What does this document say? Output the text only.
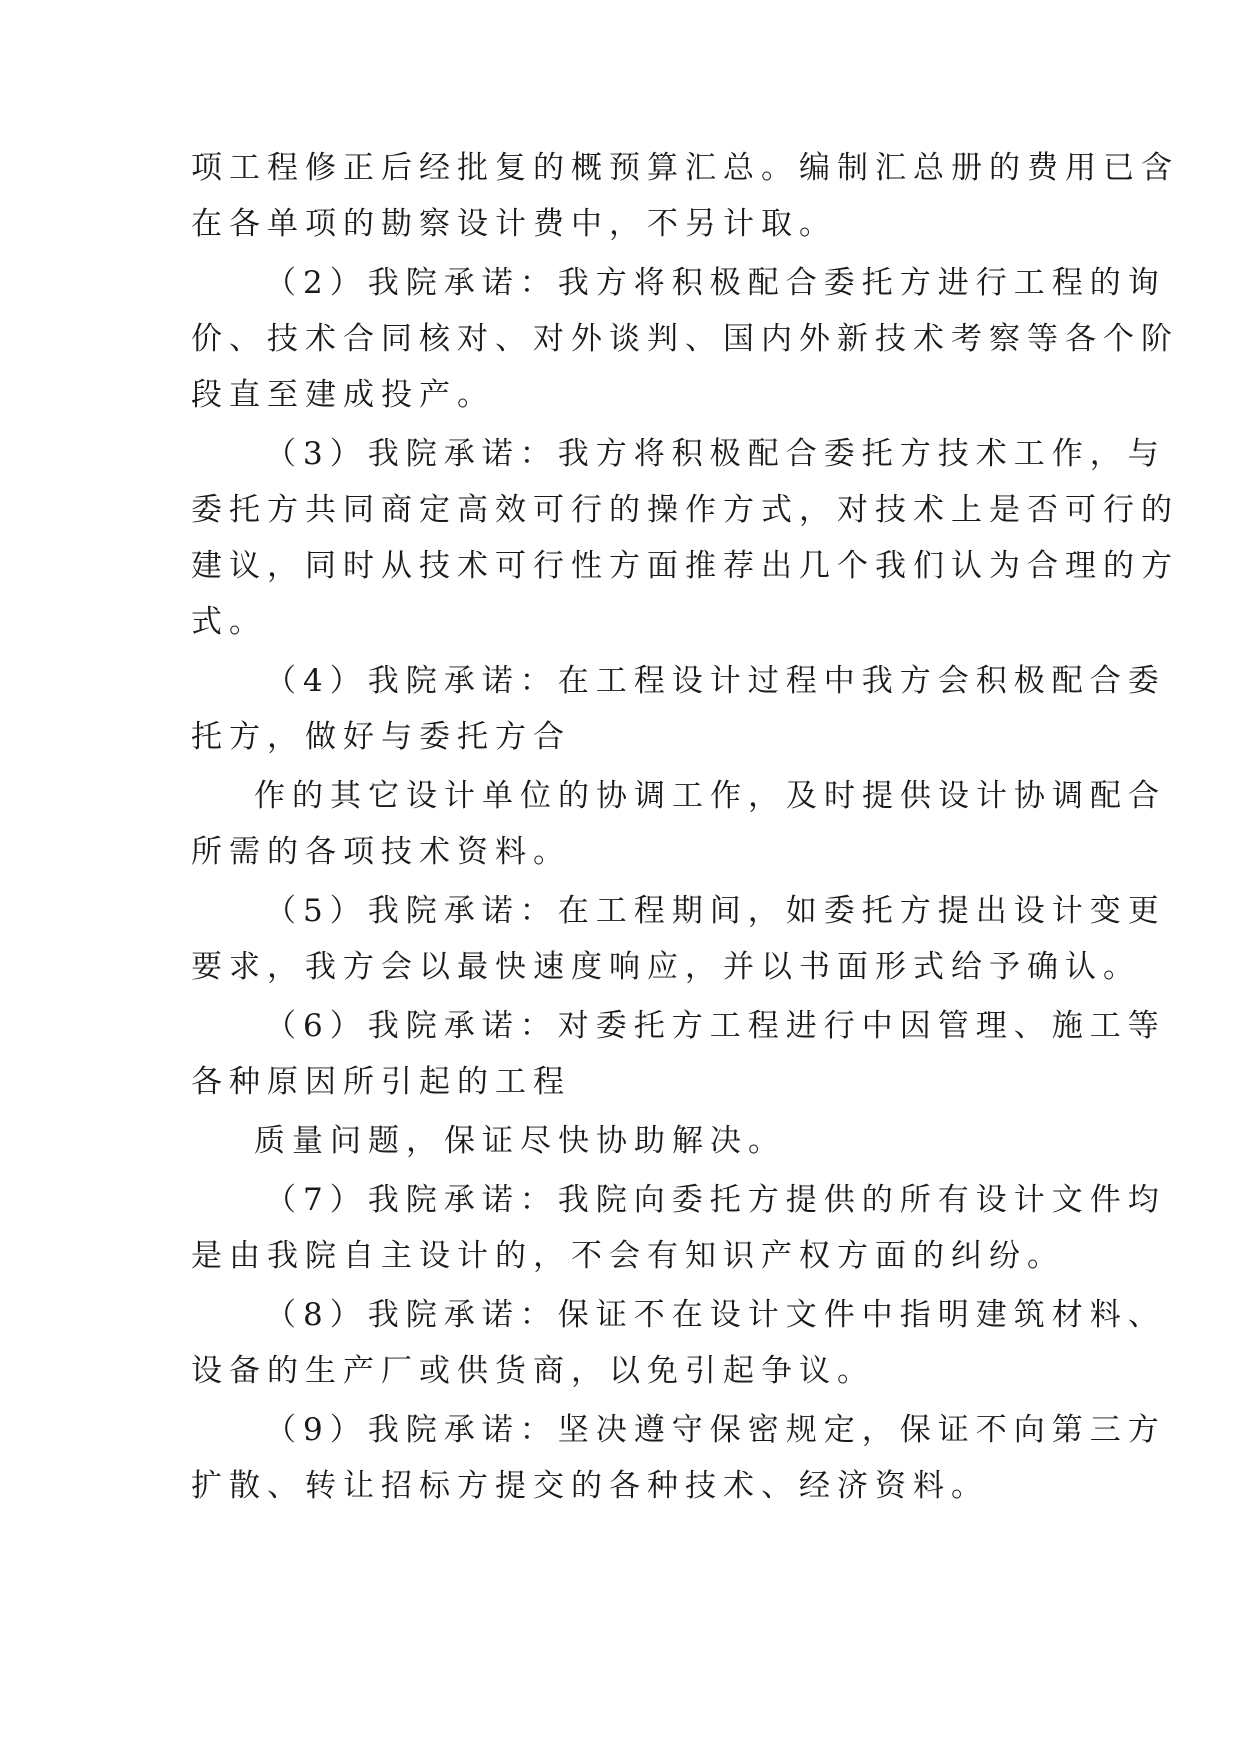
项工程修正后经批复的概预算汇总。编制汇总册的费用已含
在各单项的勘察设计费中，不另计取。
（2）我院承诺：我方将积极配合委托方进行工程的询
价、技术合同核对、对外谈判、国内外新技术考察等各个阶
段直至建成投产。
（3）我院承诺：我方将积极配合委托方技术工作，与
委托方共同商定高效可行的操作方式，对技术上是否可行的
建议，同时从技术可行性方面推荐出几个我们认为合理的方
式。
（4）我院承诺：在工程设计过程中我方会积极配合委
托方，做好与委托方合
作的其它设计单位的协调工作，及时提供设计协调配合
所需的各项技术资料。
（5）我院承诺：在工程期间，如委托方提出设计变更
要求，我方会以最快速度响应，并以书面形式给予确认。
（6）我院承诺：对委托方工程进行中因管理、施工等
各种原因所引起的工程
质量问题，保证尽快协助解决。
（7）我院承诺：我院向委托方提供的所有设计文件均
是由我院自主设计的，不会有知识产权方面的纠纷。
（8）我院承诺：保证不在设计文件中指明建筑材料、
设备的生产厂或供货商，以免引起争议。
（9）我院承诺：坚决遵守保密规定，保证不向第三方
扩散、转让招标方提交的各种技术、经济资料。
